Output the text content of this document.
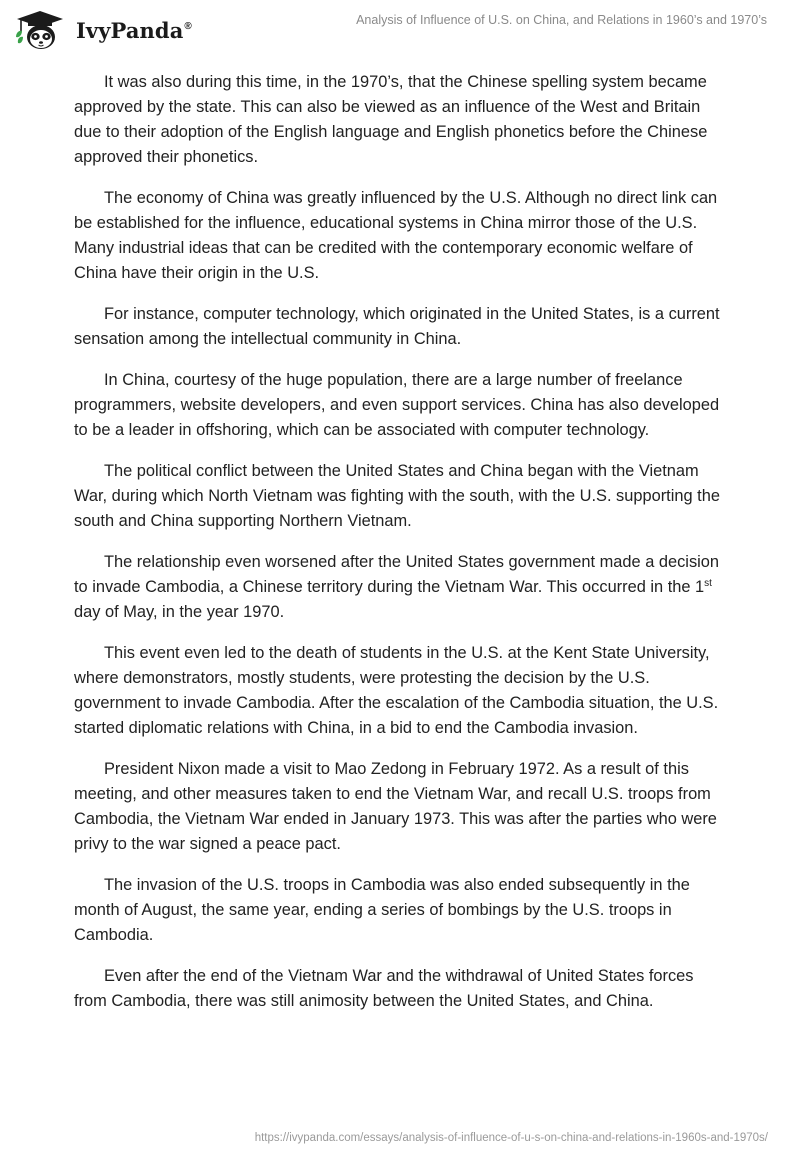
IvyPanda®	Analysis of Influence of U.S. on China, and Relations in 1960’s and 1970’s

It was also during this time, in the 1970’s, that the Chinese spelling system became approved by the state. This can also be viewed as an influence of the West and Britain due to their adoption of the English language and English phonetics before the Chinese approved their phonetics.

The economy of China was greatly influenced by the U.S. Although no direct link can be established for the influence, educational systems in China mirror those of the U.S. Many industrial ideas that can be credited with the contemporary economic welfare of China have their origin in the U.S.

For instance, computer technology, which originated in the United States, is a current sensation among the intellectual community in China.

In China, courtesy of the huge population, there are a large number of freelance programmers, website developers, and even support services. China has also developed to be a leader in offshoring, which can be associated with computer technology.

The political conflict between the United States and China began with the Vietnam War, during which North Vietnam was fighting with the south, with the U.S. supporting the south and China supporting Northern Vietnam.

The relationship even worsened after the United States government made a decision to invade Cambodia, a Chinese territory during the Vietnam War. This occurred in the 1st day of May, in the year 1970.

This event even led to the death of students in the U.S. at the Kent State University, where demonstrators, mostly students, were protesting the decision by the U.S. government to invade Cambodia. After the escalation of the Cambodia situation, the U.S. started diplomatic relations with China, in a bid to end the Cambodia invasion.

President Nixon made a visit to Mao Zedong in February 1972. As a result of this meeting, and other measures taken to end the Vietnam War, and recall U.S. troops from Cambodia, the Vietnam War ended in January 1973. This was after the parties who were privy to the war signed a peace pact.

The invasion of the U.S. troops in Cambodia was also ended subsequently in the month of August, the same year, ending a series of bombings by the U.S. troops in Cambodia.

Even after the end of the Vietnam War and the withdrawal of United States forces from Cambodia, there was still animosity between the United States, and China.

https://ivypanda.com/essays/analysis-of-influence-of-u-s-on-china-and-relations-in-1960s-and-1970s/
